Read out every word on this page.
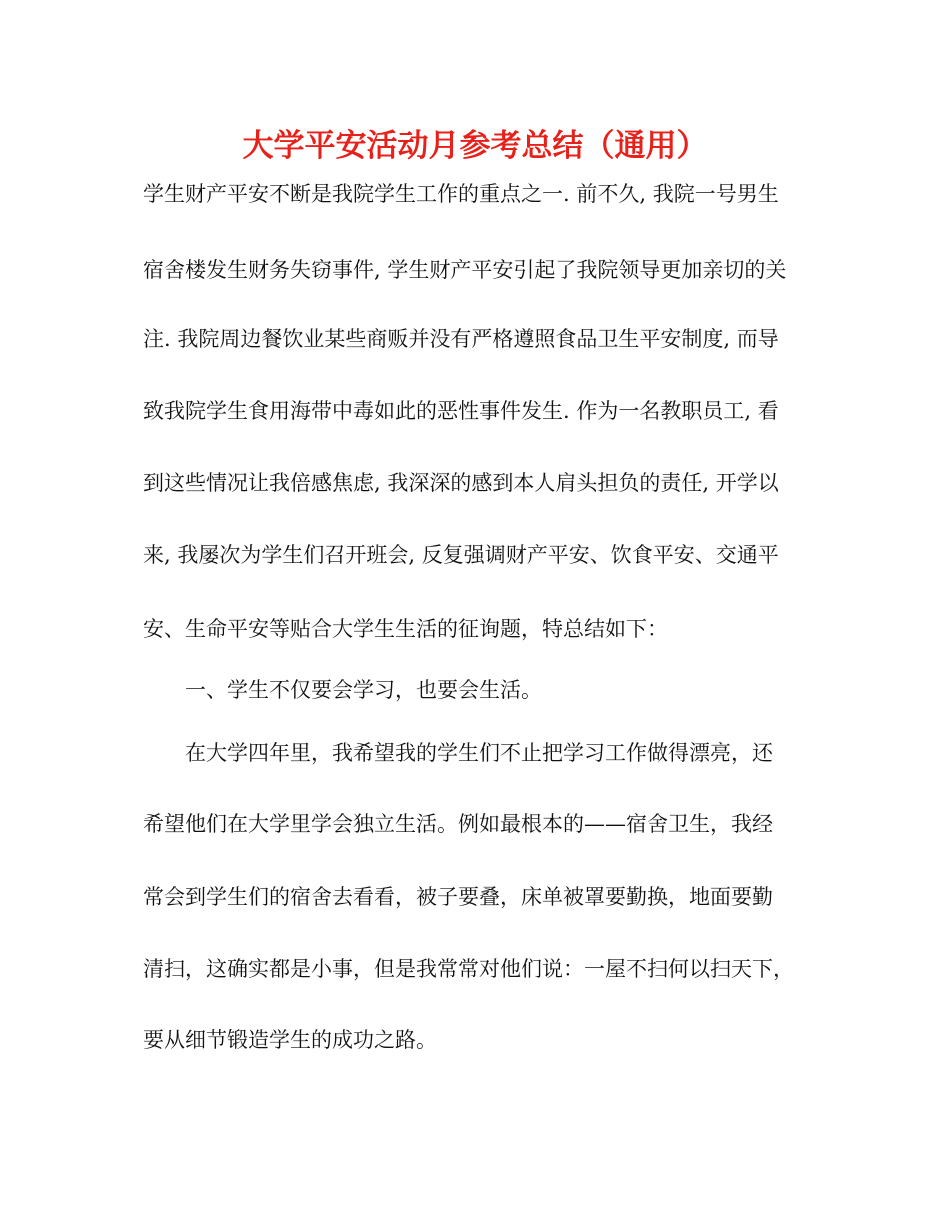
大学平安活动月参考总结（通用）

学生财产平安不断是我院学生工作的重点之一. 前不久, 我院一号男生

宿舍楼发生财务失窃事件, 学生财产平安引起了我院领导更加亲切的关

注. 我院周边餐饮业某些商贩并没有严格遵照食品卫生平安制度, 而导

致我院学生食用海带中毒如此的恶性事件发生. 作为一名教职员工, 看

到这些情况让我倍感焦虑, 我深深的感到本人肩头担负的责任, 开学以

来, 我屡次为学生们召开班会, 反复强调财产平安、饮食平安、交通平

安、生命平安等贴合大学生生活的征询题，特总结如下：

一、学生不仅要会学习，也要会生活。

在大学四年里，我希望我的学生们不止把学习工作做得漂亮，还

希望他们在大学里学会独立生活。例如最根本的——宿舍卫生，我经

常会到学生们的宿舍去看看，被子要叠，床单被罩要勤换，地面要勤

清扫，这确实都是小事，但是我常常对他们说：一屋不扫何以扫天下，

要从细节锻造学生的成功之路。
